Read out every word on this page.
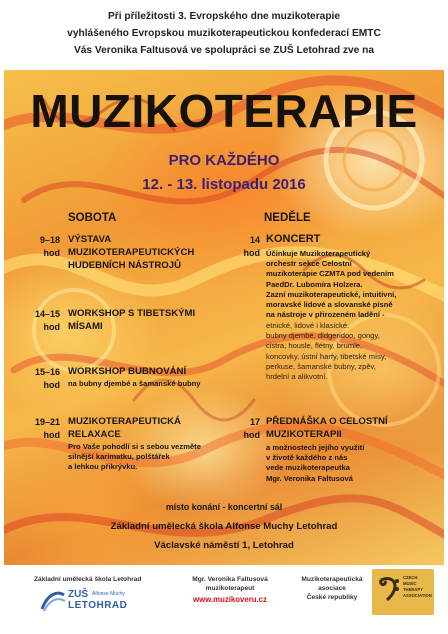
Při příležitosti 3. Evropského dne muzikoterapie
vyhlášeného Evropskou muzikoterapeutickou konfederací EMTC
Vás Veronika Faltusová ve spolupráci se ZUŠ Letohrad zve na
MUZIKOTERAPIE
PRO KAŽDÉHO
12. - 13. listopadu 2016
SOBOTA
9–18
hod
VÝSTAVA
MUZIKOTERAPEUTICKÝCH
HUDEBNÍCH NÁSTROJŮ
14–15
hod
WORKSHOP S TIBETSKÝMI
MÍSAMI
15–16
hod
WORKSHOP BUBNOVÁNÍ
na bubny djembé a šamanské bubny
19–21
hod
MUZIKOTERAPEUTICKÁ
RELAXACE
Pro Vaše pohodlí si s sebou vezměte
silnější karimatku, polštářek
a lehkou přikrývku.
NEDĚLE
14
hod
KONCERT
Účinkuje Muzikoterapeutický
orchestr sekce Celostní
muzikoterapie CZMTA pod vedením
PaedDr. Lubomíra Holzera.
Zazní muzikoterapeutické, intuitivní,
moravské lidové a slovanské písně
na nástroje v přirozeném ladění -
etnické, lidové i klasické:
bubny djembé, didgeridoo, gongy,
cistra, housle, flétny, brumle,
koncovky, ústní harfy, tibetské mísy,
perkuse, šamanské bubny, zpěv,
hrdelní a alikvotní.
17
hod
PŘEDNÁŠKA O CELOSTNÍ
MUZIKOTERAPII
a možnostech jejího využití
v životě každého z nás
vede muzikoterapeutka
Mgr. Veronika Faltusová
místo konání - koncertní sál
Základní umělecká škola Alfonse Muchy Letohrad
Václavské náměstí 1, Letohrad
Základní umělecká škola Letohrad
ZUŠ Alfonse Muchy
LETOHRAD
Mgr. Veronika Faltusová
muzikoterapeut
www.muzikoveru.cz
Muzikoterapeutická
asociace
České republiky
CZECH
MUSIC
THERAPY
ASSOCIATION
